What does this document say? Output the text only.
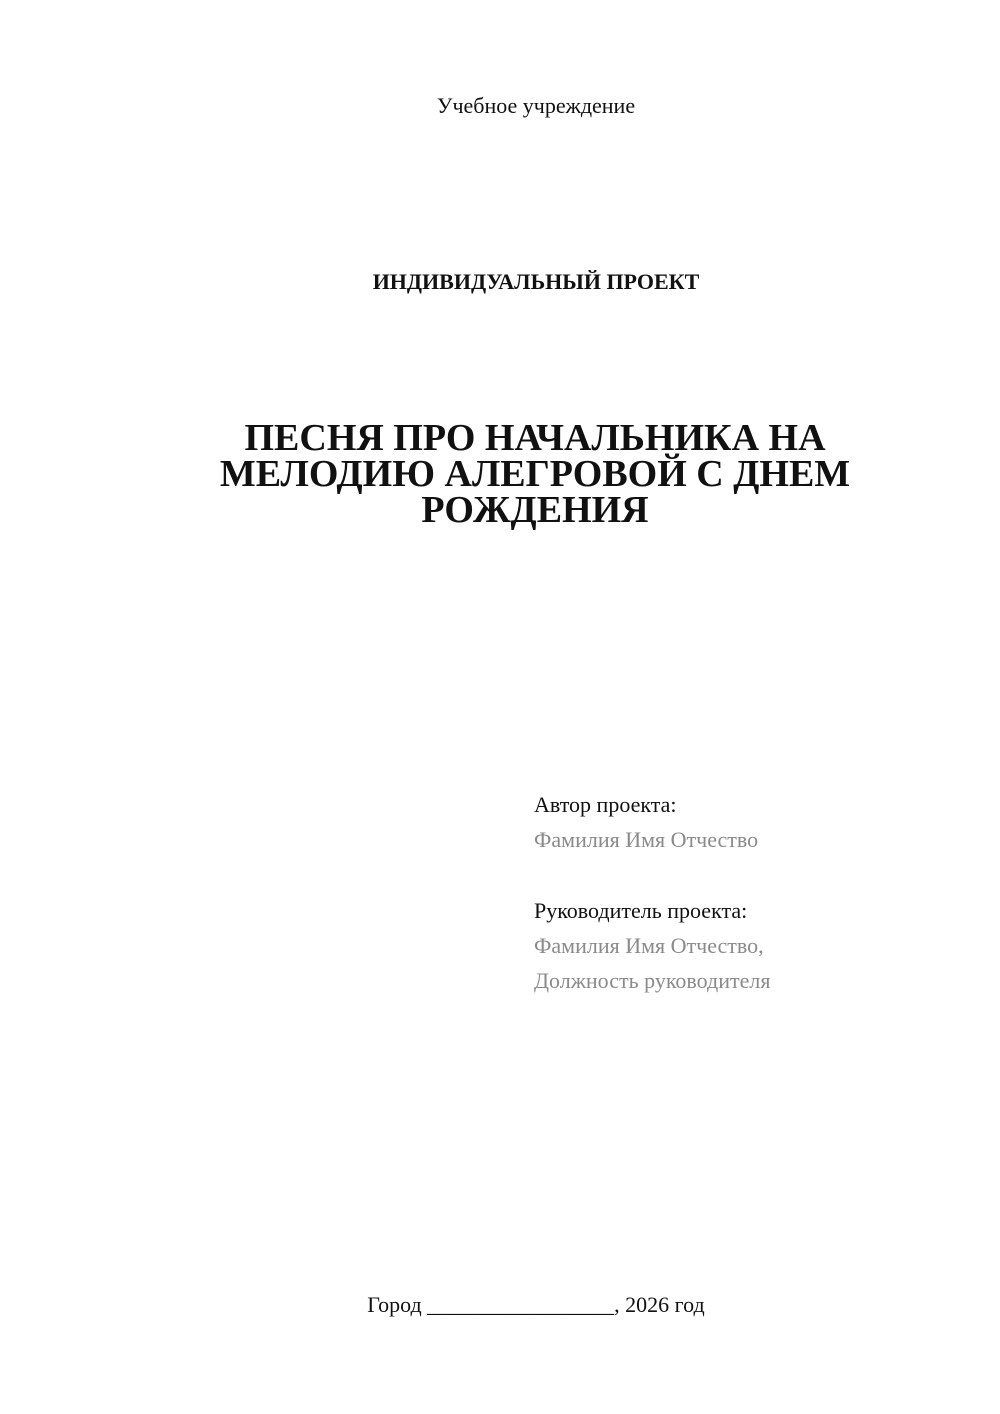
Учебное учреждение
ИНДИВИДУАЛЬНЫЙ ПРОЕКТ
ПЕСНЯ ПРО НАЧАЛЬНИКА НА
МЕЛОДИЮ АЛЕГРОВОЙ С ДНЕМ
РОЖДЕНИЯ
Автор проекта:
Фамилия Имя Отчество
Руководитель проекта:
Фамилия Имя Отчество,
Должность руководителя
Город _________________, 2026 год
